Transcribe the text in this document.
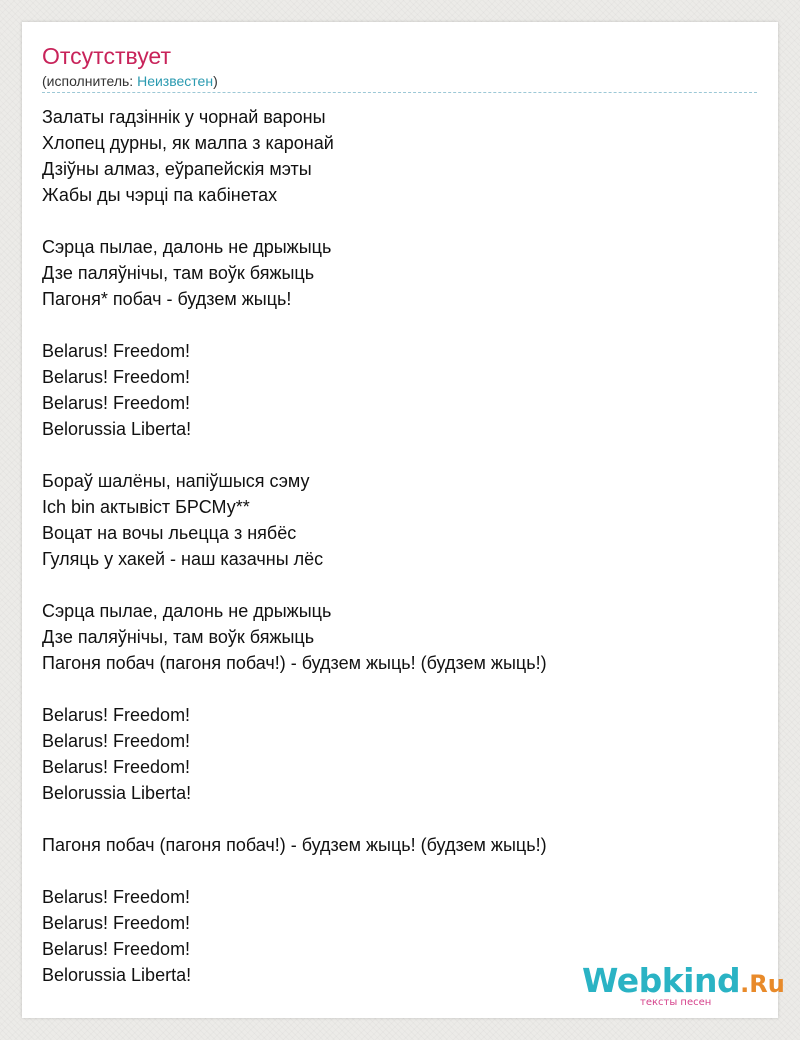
Отсутствует
(исполнитель: Неизвестен)
Залаты гадзіннік у чорнай вароны
Хлопец дурны, як малпа з каронай
Дзіўны алмаз, еўрапейскія мэты
Жабы ды чэрці па кабінетах
Сэрца пылае, далонь не дрыжыць
Дзе паляўнічы, там воўк бяжыць
Пагоня* побач - будзем жыць!
Belarus! Freedom!
Belarus! Freedom!
Belarus! Freedom!
Belorussia Liberta!
Бораў шалёны, напіўшыся сэму
Ich bin актывіст БРСМу**
Воцат на вочы льецца з нябёс
Гуляць у хакей - наш казачны лёс
Сэрца пылае, далонь не дрыжыць
Дзе паляўнічы, там воўк бяжыць
Пагоня побач (пагоня побач!) - будзем жыць! (будзем жыць!)
Belarus! Freedom!
Belarus! Freedom!
Belarus! Freedom!
Belorussia Liberta!
Пагоня побач (пагоня побач!) - будзем жыць! (будзем жыць!)
Belarus! Freedom!
Belarus! Freedom!
Belarus! Freedom!
Belorussia Liberta!	Webkind.Ru
тексты песен
